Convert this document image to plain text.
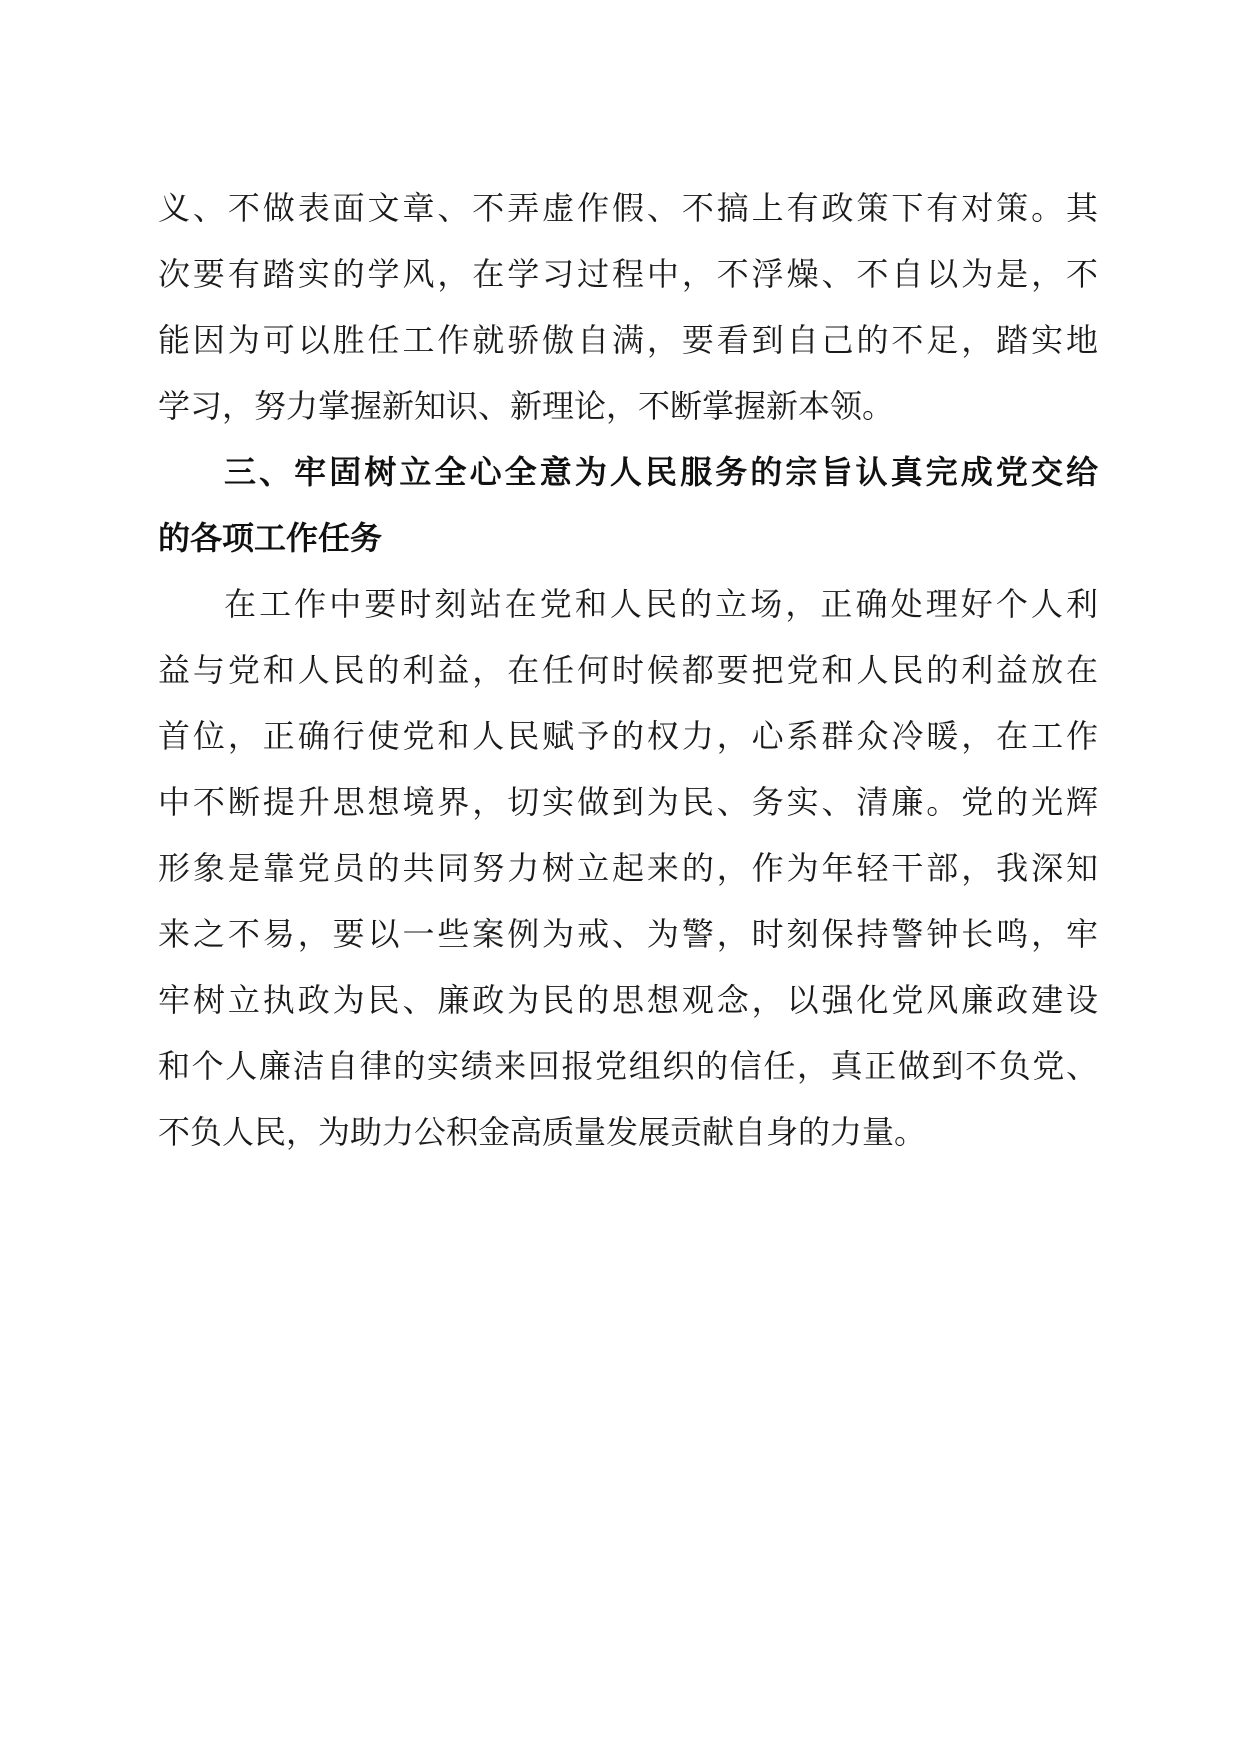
义、不做表面文章、不弄虚作假、不搞上有政策下有对策。其
次要有踏实的学风，在学习过程中，不浮燥、不自以为是，不
能因为可以胜任工作就骄傲自满，要看到自己的不足，踏实地
学习，努力掌握新知识、新理论，不断掌握新本领。
三、牢固树立全心全意为人民服务的宗旨认真完成党交给
的各项工作任务
在工作中要时刻站在党和人民的立场，正确处理好个人利
益与党和人民的利益，在任何时候都要把党和人民的利益放在
首位，正确行使党和人民赋予的权力，心系群众冷暖，在工作
中不断提升思想境界，切实做到为民、务实、清廉。党的光辉
形象是靠党员的共同努力树立起来的，作为年轻干部，我深知
来之不易，要以一些案例为戒、为警，时刻保持警钟长鸣，牢
牢树立执政为民、廉政为民的思想观念，以强化党风廉政建设
和个人廉洁自律的实绩来回报党组织的信任，真正做到不负党、
不负人民，为助力公积金高质量发展贡献自身的力量。
